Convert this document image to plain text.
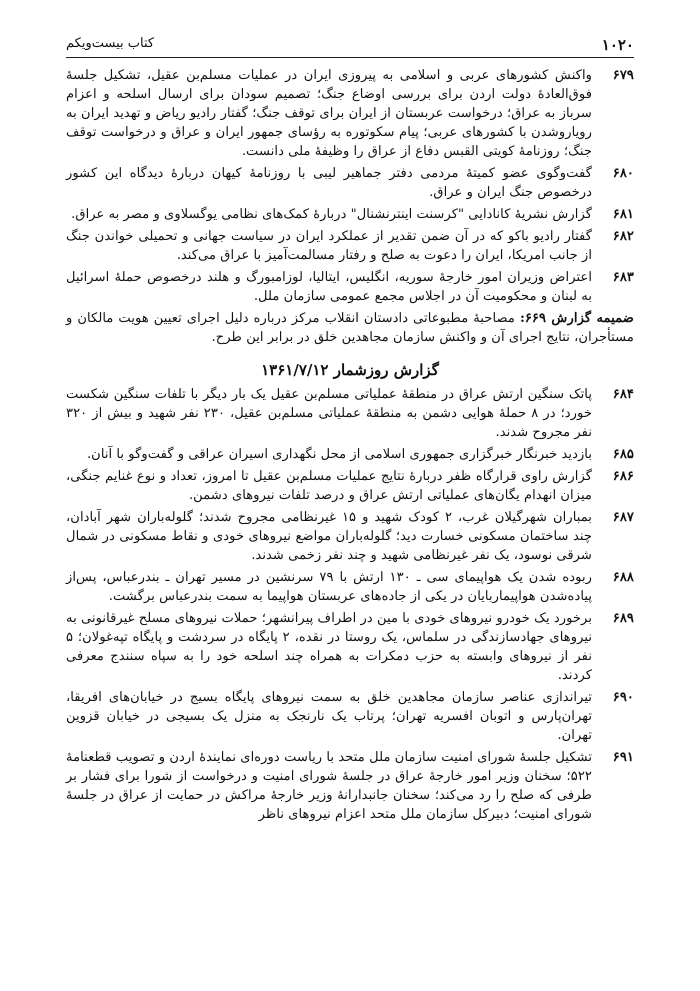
۱۰۲۰
کتاب بیست‌ویکم
۶۷۹
واکنش کشورهای عربی و اسلامی به پیروزی ایران در عملیات مسلم‌بن عقیل، تشکیل جلسهٔ فوق‌العادهٔ دولت اردن برای بررسی اوضاع جنگ؛ تصمیم سودان برای ارسال اسلحه و اعزام سرباز به عراق؛ درخواست عربستان از ایران برای توقف جنگ؛ گفتار رادیو ریاض و تهدید ایران به رویاروشدن با کشورهای عربی؛ پیام سکوتوره به رؤسای جمهور ایران و عراق و درخواست توقف جنگ؛ روزنامهٔ کویتی القبس دفاع از عراق را وظیفهٔ ملی دانست.
۶۸۰
گفت‌وگوی عضو کمیتهٔ مردمی دفتر جماهیر لیبی با روزنامهٔ کیهان دربارهٔ دیدگاه این کشور درخصوص جنگ ایران و عراق.
۶۸۱
گزارش نشریهٔ کانادایی "کرسنت اینترنشنال" دربارهٔ کمک‌های نظامی یوگسلاوی و مصر به عراق.
۶۸۲
گفتار رادیو باکو که در آن ضمن تقدیر از عملکرد ایران در سیاست جهانی و تحمیلی خواندن جنگ از جانب امریکا، ایران را دعوت به صلح و رفتار مسالمت‌آمیز با عراق می‌کند.
۶۸۳
اعتراض وزیران امور خارجهٔ سوریه، انگلیس، ایتالیا، لوزامبورگ و هلند درخصوص حملهٔ اسرائیل به لبنان و محکومیت آن در اجلاس مجمع عمومی سازمان ملل.
ضمیمه گزارش ۶۶۹: مصاحبهٔ مطبوعاتی دادستان انقلاب مرکز درباره دلیل اجرای تعیین هویت مالکان و مستأجران، نتایج اجرای آن و واکنش سازمان مجاهدین خلق در برابر این طرح.
گزارش روزشمار ۱۳۶۱/۷/۱۲
۶۸۴
پاتک سنگین ارتش عراق در منطقهٔ عملیاتی مسلم‌بن عقیل یک بار دیگر با تلفات سنگین شکست خورد؛ در ۸ حملهٔ هوایی دشمن به منطقهٔ عملیاتی مسلم‌بن عقیل، ۲۳۰ نفر شهید و بیش از ۳۲۰ نفر مجروح شدند.
۶۸۵
بازدید خبرنگار خبرگزاری جمهوری اسلامی از محل نگهداری اسیران عراقی و گفت‌وگو با آنان.
۶۸۶
گزارش راوی قرارگاه ظفر دربارهٔ نتایج عملیات مسلم‌بن عقیل تا امروز، تعداد و نوع غنایم جنگی، میزان انهدام یگان‌های عملیاتی ارتش عراق و درصد تلفات نیروهای دشمن.
۶۸۷
بمباران شهرگیلان غرب، ۲ کودک شهید و ۱۵ غیرنظامی مجروح شدند؛ گلوله‌باران شهر آبادان، چند ساختمان مسکونی خسارت دید؛ گلوله‌باران مواضع نیروهای خودی و نقاط مسکونی در شمال شرقی نوسود، یک نفر غیرنظامی شهید و چند نفر زخمی شدند.
۶۸۸
ربوده شدن یک هواپیمای سی ـ ۱۳۰ ارتش با ۷۹ سرنشین در مسیر تهران ـ بندرعباس، پس‌از پیاده‌شدن هواپیماربایان در یکی از جاده‌های عربستان هواپیما به سمت بندرعباس برگشت.
۶۸۹
برخورد یک خودرو نیروهای خودی با مین در اطراف پیرانشهر؛ حملات نیروهای مسلح غیرقانونی به نیروهای جهادسازندگی در سلماس، یک روستا در نقده، ۲ پایگاه در سردشت و پایگاه تپه‌غولان؛ ۵ نفر از نیروهای وابسته به حزب دمکرات به همراه چند اسلحه خود را به سپاه سنندج معرفی کردند.
۶۹۰
تیراندازی عناصر سازمان مجاهدین خلق به سمت نیروهای پایگاه بسیج در خیابان‌های افریقا، تهران‌پارس و اتوبان افسریه تهران؛ پرتاب یک نارنجک به منزل یک بسیجی در خیابان قزوین تهران.
۶۹۱
تشکیل جلسهٔ شورای امنیت سازمان ملل متحد با ریاست دوره‌ای نمایندهٔ اردن و تصویب قطعنامهٔ ۵۲۲؛ سخنان وزیر امور خارجهٔ عراق در جلسهٔ شورای امنیت و درخواست از شورا برای فشار بر طرفی که صلح را رد می‌کند؛ سخنان جانبدارانهٔ وزیر خارجهٔ مراکش در حمایت از عراق در جلسهٔ شورای امنیت؛ دبیرکل سازمان ملل متحد اعزام نیروهای ناظر
